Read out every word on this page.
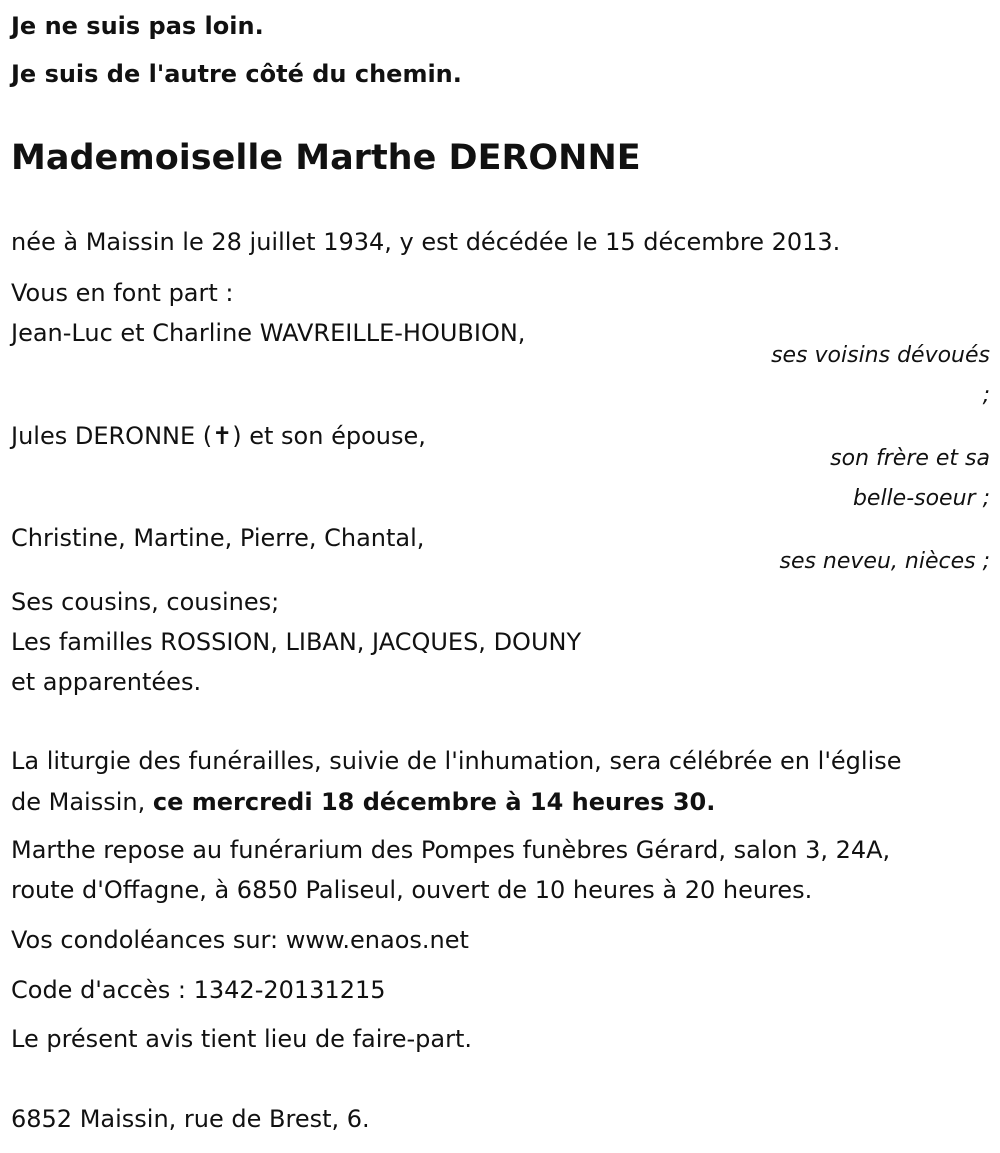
Je ne suis pas loin.
Je suis de l'autre côté du chemin.
Mademoiselle Marthe DERONNE
née à Maissin le 28 juillet 1934, y est décédée le 15 décembre 2013.
Vous en font part :
Jean-Luc et Charline WAVREILLE-HOUBION,
ses voisins dévoués
;
Jules DERONNE (✝) et son épouse,
son frère et sa
belle-soeur ;
Christine, Martine, Pierre, Chantal,
ses neveu, nièces ;
Ses cousins, cousines;
Les familles ROSSION, LIBAN, JACQUES, DOUNY
et apparentées.
La liturgie des funérailles, suivie de l'inhumation, sera célébrée en l'église
de Maissin, ce mercredi 18 décembre à 14 heures 30.
Marthe repose au funérarium des Pompes funèbres Gérard, salon 3, 24A,
route d'Offagne, à 6850 Paliseul, ouvert de 10 heures à 20 heures.
Vos condoléances sur: www.enaos.net
Code d'accès : 1342-20131215
Le présent avis tient lieu de faire-part.
6852 Maissin, rue de Brest, 6.
